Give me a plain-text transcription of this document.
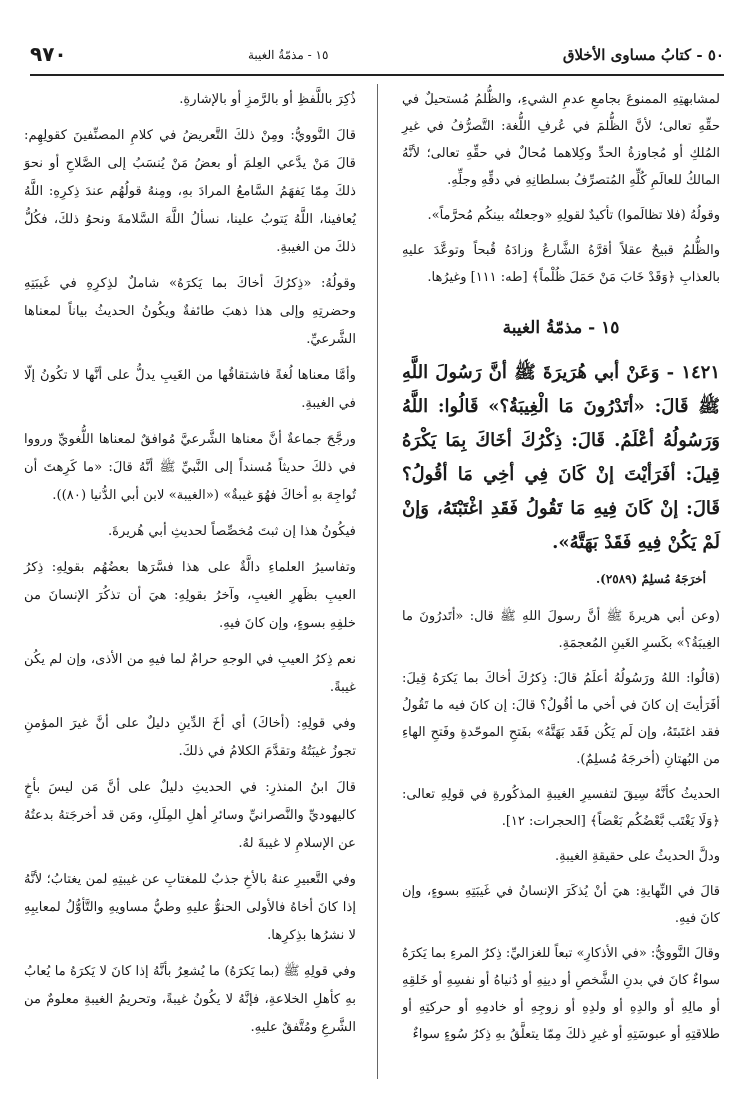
٥٠ - كتابُ مساوى الأخلاق
١٥ - مذمّةُ الغيبة
٩٧٠

لمشابهتِهِ الممنوعَ بجامعِ عدمِ الشيءِ، والظُّلمُ مُستحيلٌ في حقِّهِ تعالى؛ لأنَّ الظُّلمَ في عُرفِ اللُّغة: التَّصرُّفُ في غيرِ المُلكِ أو مُجاوزةُ الحدِّ وكِلاهما مُحالٌ في حقِّهِ تعالى؛ لأنَّهُ المالكُ للعالَمِ كُلِّهِ المُتصرِّفُ بسلطانِهِ في دقِّهِ وجلِّهِ.

وقولُهُ (فلا تظالَموا) تأكيدٌ لقولِهِ «وجعلتُه بينكُم مُحرَّماً».

والظُّلمُ قبيحٌ عقلاً أقرَّهُ الشَّارعُ وزادَهُ قُبحاً وتوعَّدَ عليهِ بالعذابِ ﴿وَقَدْ خَابَ مَنْ حَمَلَ ظُلْماً﴾ [طه: ١١١] وغيرُها.

١٥ - مذمّةُ الغيبة

١٤٢١ - وَعَنْ أبي هُرَيرَةَ ﷺ أنَّ رَسُولَ اللَّهِ ﷺ قَالَ: «أتَدْرُونَ مَا الْغِيبَةُ؟» قَالُوا: اللَّهُ وَرَسُولُهُ أعْلَمُ. قَالَ: ذِكْرُكَ أخَاكَ بِمَا يَكْرَهُ قِيلَ: أفَرَأيْتَ إنْ كَانَ فِي أخِي مَا أقُولُ؟ قَالَ: إنْ كَانَ فِيهِ مَا تَقُولُ فَقَدِ اغْتَبْتَهُ، وَإنْ لَمْ يَكُنْ فِيهِ فَقَدْ بَهَتَّهُ».

أخرَجَهُ مُسلِمٌ (٢٥٨٩).

(وعن أبي هريرةَ ﷺ أنَّ رسولَ اللهِ ﷺ قال: «أتَدرُونَ ما الغِيبَةُ؟» بكَسرِ الغَينِ المُعجمَةِ.

(قالُوا: اللهُ ورَسُولُهُ أعلَمُ قالَ: ذِكرُكَ أخاكَ بما يَكرَهُ قِيلَ: أفَرَأيتَ إن كانَ في أخي ما أقُولُ؟ قالَ: إن كانَ فيه ما تَقُولُ فقد اغتَبتَهُ، وإن لَم يَكُن فَقَد بَهَتَّهُ» بفَتحِ الموحّدةِ وفَتحِ الهاءِ من البُهتانِ (أخرجَهُ مُسلِمٌ).

الحديثُ كأنَّهُ سِيقَ لتفسيرِ الغيبةِ المذكُورةِ في قولِهِ تعالى: ﴿وَلَا يَغْتَب بَّعْضُكُم بَعْضاً﴾ [الحجرات: ١٢].

ودلَّ الحديثُ على حقيقةِ الغيبةِ.

قالَ في النِّهايةِ: هيَ أنْ يُذكَرَ الإنسانُ في غَيبَتِهِ بسوءٍ، وإن كانَ فيهِ.

وقالَ النَّوويُّ: «في الأذكارِ» تبعاً للغزاليِّ: ذِكرُ المرءِ بما يَكرَهُ سواءٌ كانَ في بدنِ الشَّخصِ أو دينِهِ أو دُنياهُ أو نفسِهِ أو خَلقِهِ أو مالِهِ أو والدِهِ أو ولدِهِ أو زوجِهِ أو خادمِهِ أو حركتِهِ أو طلاقتِهِ أو عبوسَتِهِ أو غيرِ ذلكَ مِمّا يتعلَّقُ بهِ ذِكرُ سُوءٍ سواءٌ

ذُكِرَ باللَّفظِ أو بالرَّمزِ أو بالإشارةِ.

قالَ النَّوويُّ: ومِنْ ذلكَ التَّعريضُ في كلامِ المصنِّفينَ كقولِهِم: قالَ مَنْ يدَّعي العِلمَ أو بعضُ مَنْ يُنسَبُ إلى الصَّلاحِ أو نحوَ ذلكَ مِمّا يَفهَمُ السَّامعُ المرادَ بهِ، ومِنهُ قولُهُم عندَ ذِكرِهِ: اللَّهُ يُعافينا، اللَّهُ يَتوبُ علينا، نسألُ اللَّهَ السَّلامةَ ونحوُ ذلكَ، فكُلُّ ذلكَ من الغيبةِ.

وقولُهُ: «ذِكرُكَ أخاكَ بما يَكرَهُ» شاملٌ لذِكرِهِ في غَيبَتِهِ وحضرتِهِ وإلى هذا ذهبَ طائفةٌ ويكُونُ الحديثُ بياناً لمعناها الشَّرعيِّ.

وأمَّا معناها لُغةً فاشتقاقُها من الغَيبِ يدلُّ على أنَّها لا تكُونُ إلّا في الغيبةِ.

ورجَّحَ جماعةٌ أنَّ معناها الشَّرعيَّ مُوافقٌ لمعناها اللُّغويِّ ورووا في ذلكَ حديثاً مُسنداً إلى النَّبيِّ ﷺ أنَّهُ قالَ: «ما كَرِهتَ أن تُواجِهَ بهِ أخاكَ فهُوَ غيبةٌ» («الغيبة» لابن أبي الدُّنيا (٨٠)).

فيكُونُ هذا إن ثبتَ مُخصِّصاً لحديثِ أبي هُريرةَ.

وتفاسيرُ العلماءِ دالَّةٌ على هذا فسَّرَها بعضُهُم بقولِهِ: ذِكرُ العيبِ بظَهرِ الغيبِ، وآخرُ بقولِهِ: هيَ أن تذكُرَ الإنسانَ من خلفِهِ بسوءٍ، وإن كانَ فيهِ.

نعم ذِكرُ العيبِ في الوجهِ حرامٌ لما فيهِ من الأذى، وإن لم يكُن غيبةً.

وفي قولِهِ: (أخاكَ) أي أخَ الدِّينِ دليلٌ على أنَّ غيرَ المؤمنِ تجوزُ غيبَتُهُ وتقدَّمَ الكلامُ في ذلكَ.

قالَ ابنُ المنذرِ: في الحديثِ دليلٌ على أنَّ مَن ليسَ بأخٍ كاليهوديِّ والنَّصرانيِّ وسائرِ أهلِ المِلَلِ، ومَن قد أخرجَتهُ بدعتُهُ عن الإسلامِ لا غيبةَ لهُ.

وفي التَّعبيرِ عنهُ بالأخِ جذبٌ للمغتابِ عن غيبتِهِ لمن يغتابُ؛ لأنَّهُ إذا كانَ أخاهُ فالأولى الحنوُّ عليهِ وطيُّ مساويهِ والتَّأوُّلُ لمعايبِهِ لا نشرُها بذِكرِها.

وفي قولِهِ ﷺ (بما يَكرَهُ) ما يُشعِرُ بأنَّهُ إذا كانَ لا يَكرَهُ ما يُعابُ بهِ كأهلِ الخلاعةِ، فإنَّهُ لا يكُونُ غيبةً، وتحريمُ الغيبةِ معلومٌ من الشَّرعِ ومُتَّفقٌ عليهِ.
